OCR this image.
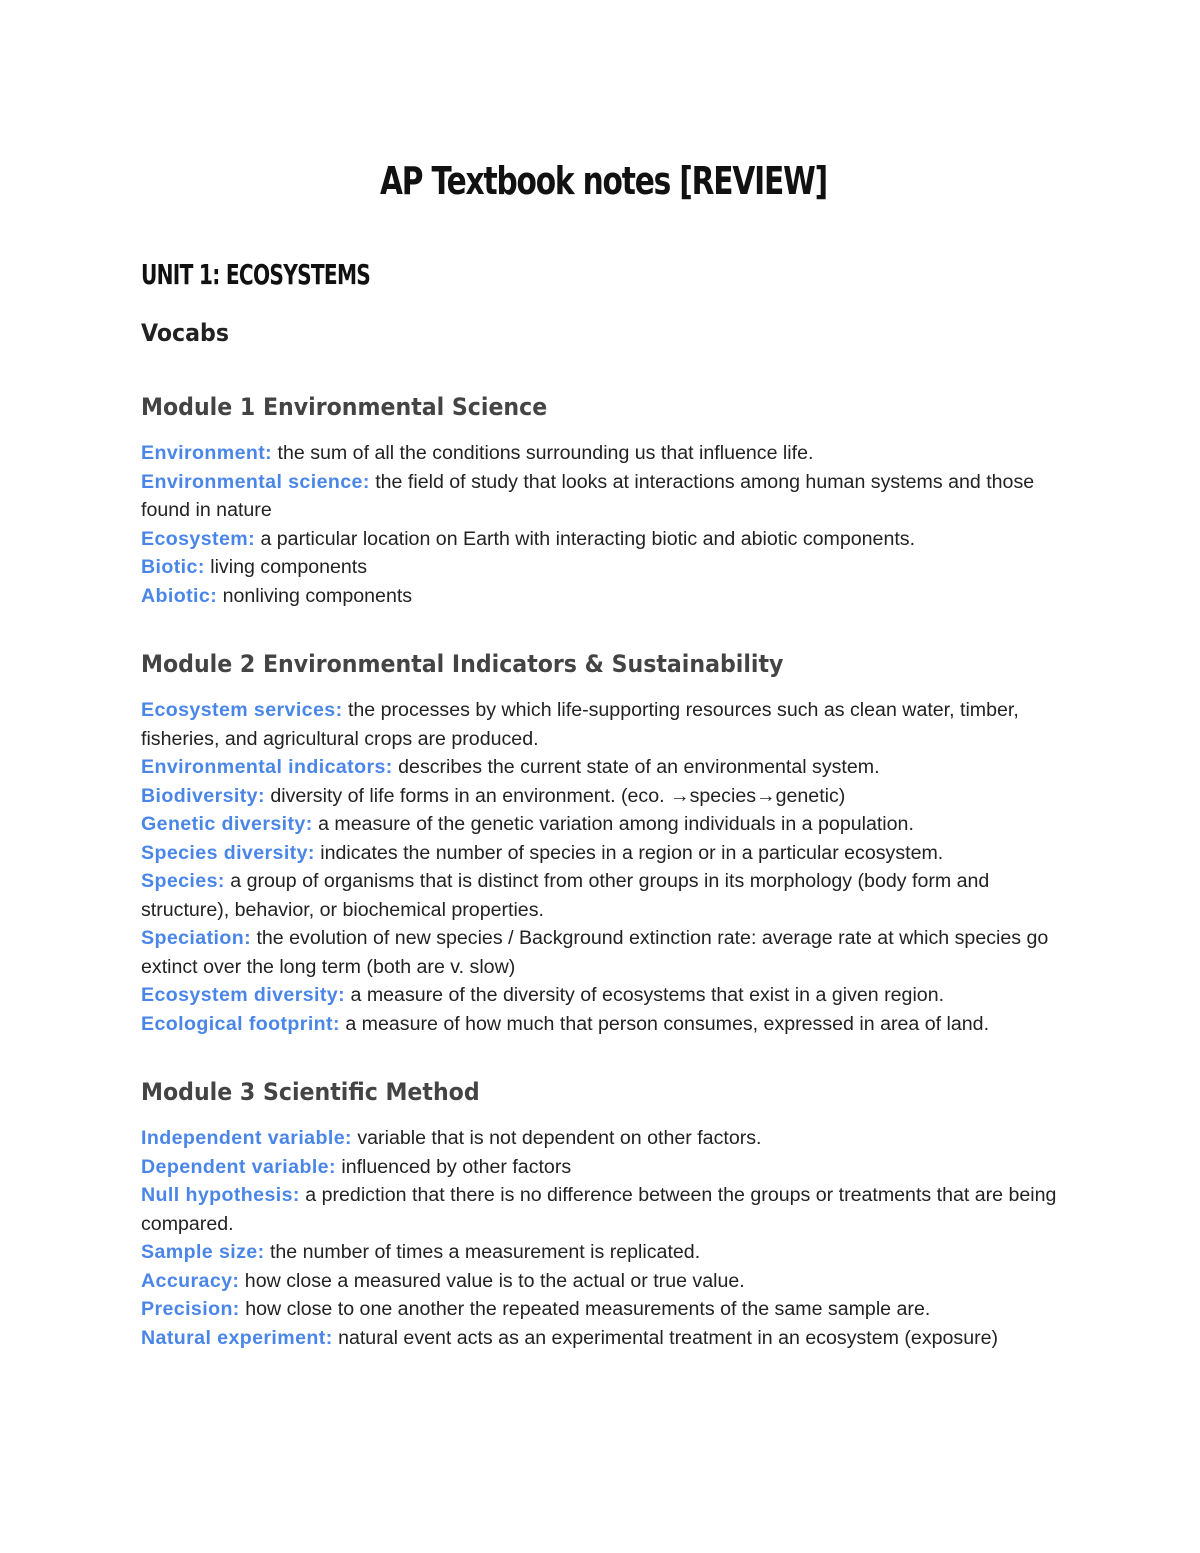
AP Textbook notes [REVIEW]
UNIT 1: ECOSYSTEMS
Vocabs
Module 1 Environmental Science

Environment: the sum of all the conditions surrounding us that influence life.

Environmental science: the field of study that looks at interactions among human systems and those found in nature

Ecosystem: a particular location on Earth with interacting biotic and abiotic components.

Biotic: living components

Abiotic: nonliving components

Module 2 Environmental Indicators & Sustainability

Ecosystem services: the processes by which life-supporting resources such as clean water, timber, fisheries, and agricultural crops are produced.

Environmental indicators: describes the current state of an environmental system.

Biodiversity: diversity of life forms in an environment. (eco. →species→genetic)

Genetic diversity: a measure of the genetic variation among individuals in a population.

Species diversity: indicates the number of species in a region or in a particular ecosystem.

Species: a group of organisms that is distinct from other groups in its morphology (body form and structure), behavior, or biochemical properties.

Speciation: the evolution of new species / Background extinction rate: average rate at which species go extinct over the long term (both are v. slow)

Ecosystem diversity: a measure of the diversity of ecosystems that exist in a given region.

Ecological footprint: a measure of how much that person consumes, expressed in area of land.

Module 3 Scientific Method

Independent variable: variable that is not dependent on other factors.

Dependent variable: influenced by other factors

Null hypothesis: a prediction that there is no difference between the groups or treatments that are being compared.

Sample size: the number of times a measurement is replicated.

Accuracy: how close a measured value is to the actual or true value.

Precision: how close to one another the repeated measurements of the same sample are.

Natural experiment: natural event acts as an experimental treatment in an ecosystem (exposure)
